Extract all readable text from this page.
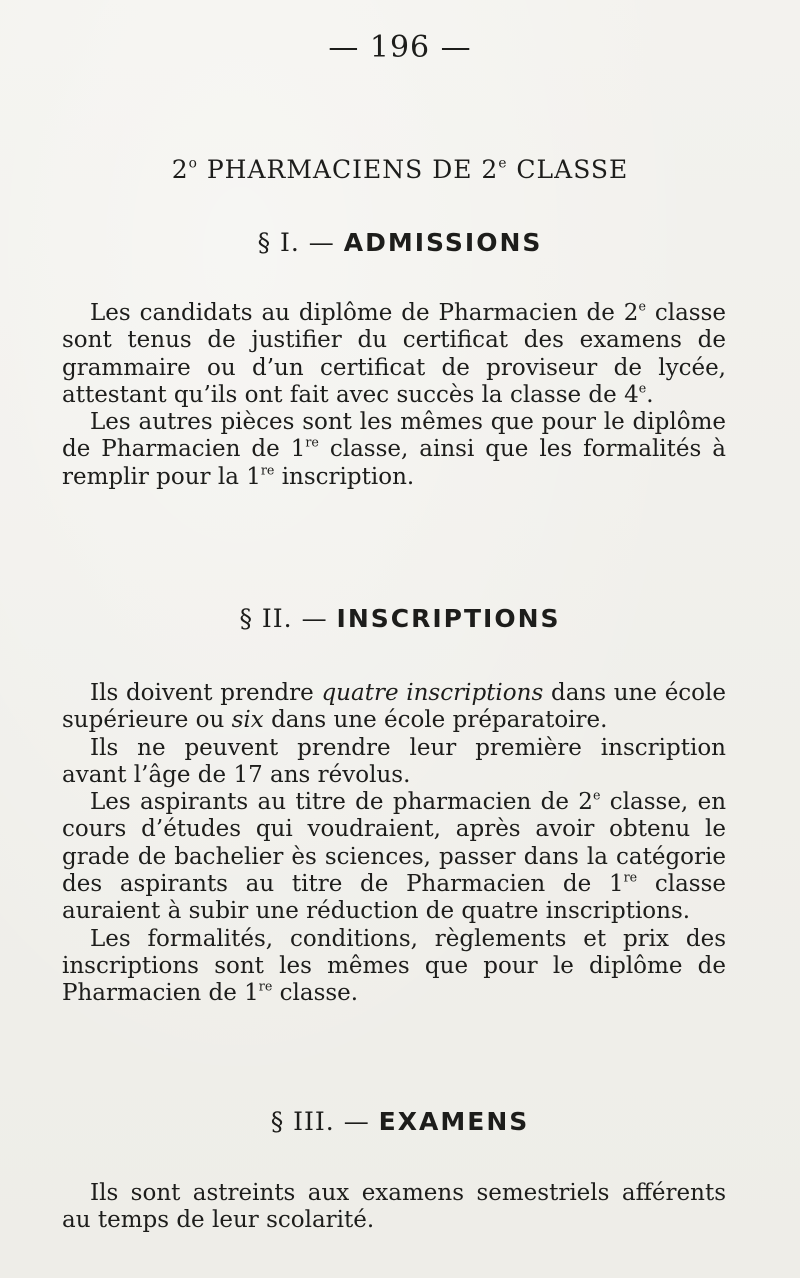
— 196 —
2$^o$ PHARMACIENS DE 2e CLASSE
§ I. — ADMISSIONS

Les candidats au diplôme de Pharmacien de 2e classe sont tenus de justifier du certificat des examens de grammaire ou d’un certificat de proviseur de lycée, attestant qu’ils ont fait avec succès la classe de 4e.

Les autres pièces sont les mêmes que pour le diplôme de Pharmacien de 1re classe, ainsi que les formalités à remplir pour la 1re inscription.

§ II. — INSCRIPTIONS

Ils doivent prendre quatre inscriptions dans une école supérieure ou six dans une école préparatoire.

Ils ne peuvent prendre leur première inscription avant l’âge de 17 ans révolus.

Les aspirants au titre de pharmacien de 2e classe, en cours d’études qui voudraient, après avoir obtenu le grade de bachelier ès sciences, passer dans la catégorie des aspirants au titre de Pharmacien de 1re classe auraient à subir une réduction de quatre inscriptions.

Les formalités, conditions, règlements et prix des inscriptions sont les mêmes que pour le diplôme de Pharmacien de 1re classe.

§ III. — EXAMENS

Ils sont astreints aux examens semestriels afférents au temps de leur scolarité.
